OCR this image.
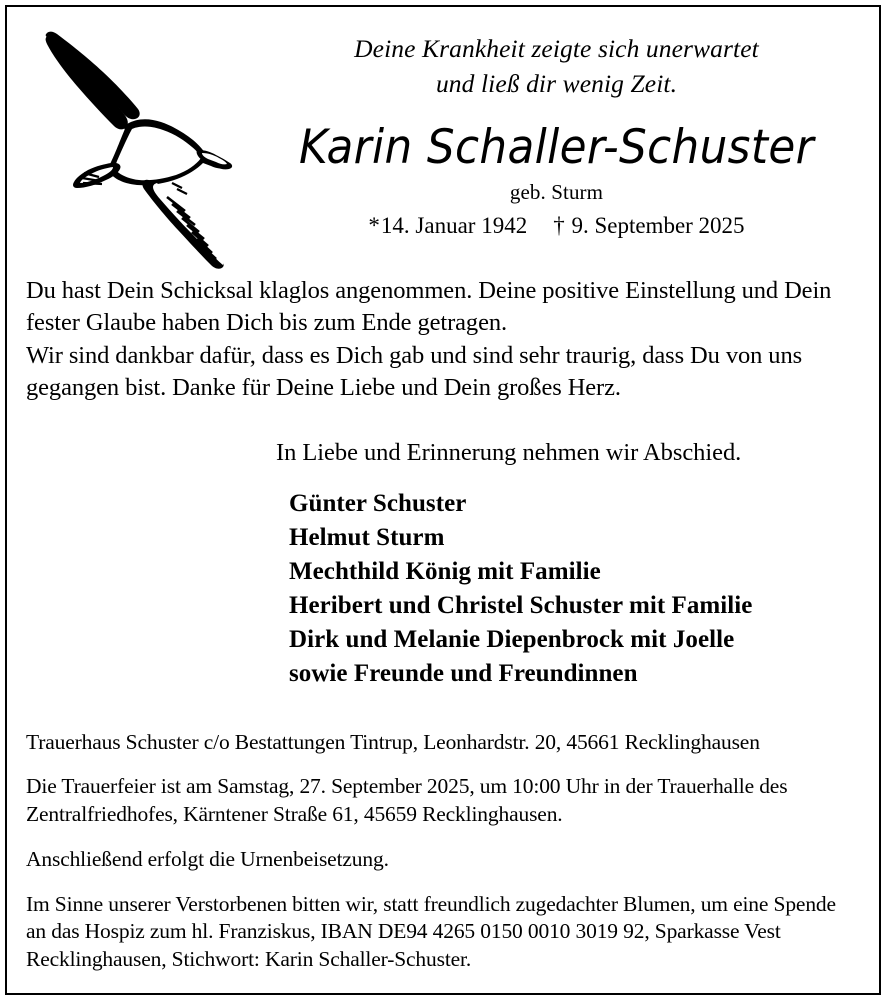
Deine Krankheit zeigte sich unerwartet
und ließ dir wenig Zeit.
Karin Schaller-Schuster
geb. Sturm
*14. Januar 1942 † 9. September 2025

Du hast Dein Schicksal klaglos angenommen. Deine positive Einstellung und Dein fester Glaube haben Dich bis zum Ende getragen.

Wir sind dankbar dafür, dass es Dich gab und sind sehr traurig, dass Du von uns gegangen bist. Danke für Deine Liebe und Dein großes Herz.

In Liebe und Erinnerung nehmen wir Abschied.
Günter Schuster
Helmut Sturm
Mechthild König mit Familie
Heribert und Christel Schuster mit Familie
Dirk und Melanie Diepenbrock mit Joelle
sowie Freunde und Freundinnen

Trauerhaus Schuster c/o Bestattungen Tintrup, Leonhardstr. 20, 45661 Recklinghausen

Die Trauerfeier ist am Samstag, 27. September 2025, um 10:00 Uhr in der Trauerhalle des Zentralfriedhofes, Kärntener Straße 61, 45659 Recklinghausen.

Anschließend erfolgt die Urnenbeisetzung.

Im Sinne unserer Verstorbenen bitten wir, statt freundlich zugedachter Blumen, um eine Spende an das Hospiz zum hl. Franziskus, IBAN DE94 4265 0150 0010 3019 92, Sparkasse Vest Recklinghausen, Stichwort: Karin Schaller-Schuster.
